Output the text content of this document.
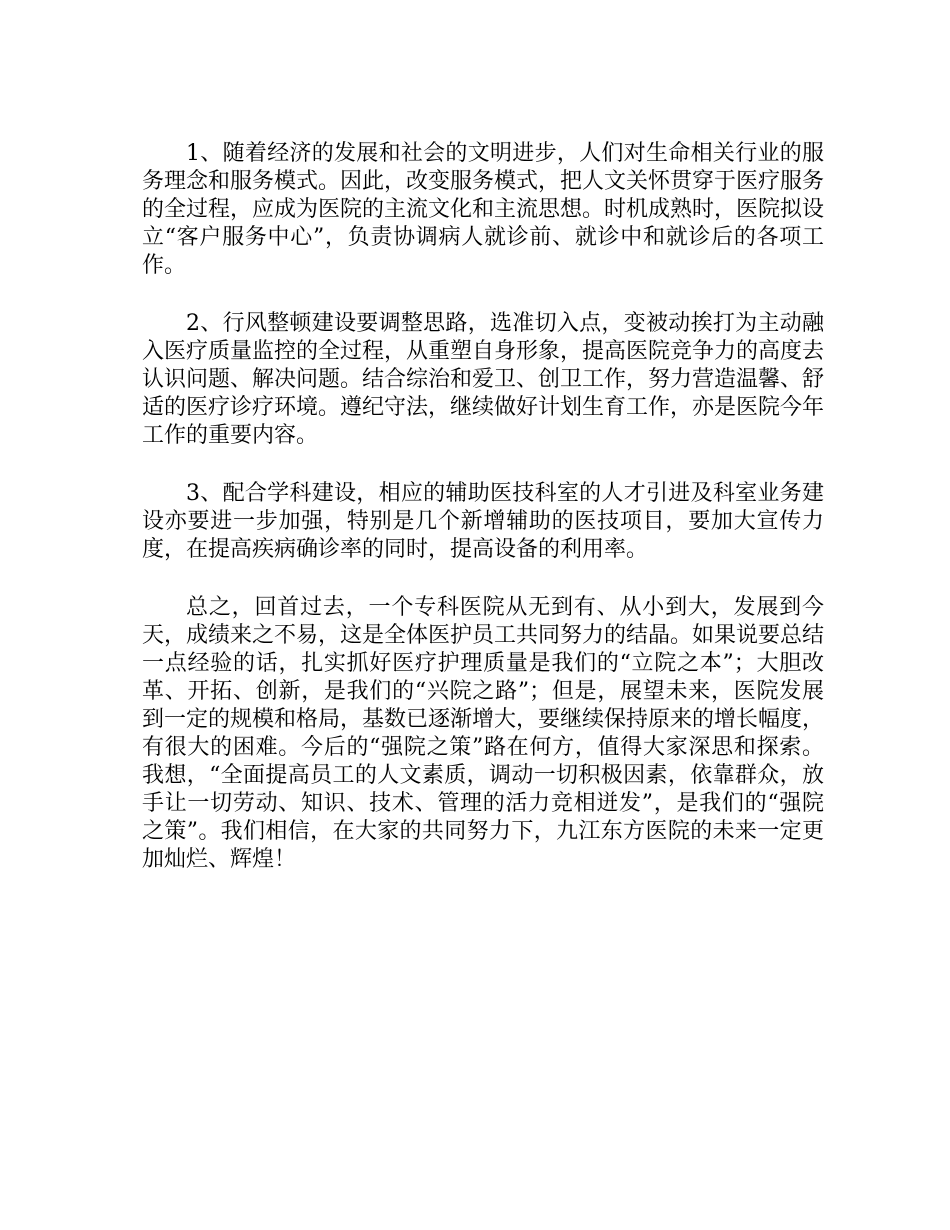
1、随着经济的发展和社会的文明进步，人们对生命相关行业的服务理念和服务模式。因此，改变服务模式，把人文关怀贯穿于医疗服务的全过程，应成为医院的主流文化和主流思想。时机成熟时，医院拟设立“客户服务中心”，负责协调病人就诊前、就诊中和就诊后的各项工作。

2、行风整顿建设要调整思路，选准切入点，变被动挨打为主动融入医疗质量监控的全过程，从重塑自身形象，提高医院竞争力的高度去认识问题、解决问题。结合综治和爱卫、创卫工作，努力营造温馨、舒适的医疗诊疗环境。遵纪守法，继续做好计划生育工作，亦是医院今年工作的重要内容。

3、配合学科建设，相应的辅助医技科室的人才引进及科室业务建设亦要进一步加强，特别是几个新增辅助的医技项目，要加大宣传力度，在提高疾病确诊率的同时，提高设备的利用率。

总之，回首过去，一个专科医院从无到有、从小到大，发展到今天，成绩来之不易，这是全体医护员工共同努力的结晶。如果说要总结一点经验的话，扎实抓好医疗护理质量是我们的“立院之本”；大胆改革、开拓、创新，是我们的“兴院之路”；但是，展望未来，医院发展到一定的规模和格局，基数已逐渐增大，要继续保持原来的增长幅度，有很大的困难。今后的“强院之策”路在何方，值得大家深思和探索。我想，“全面提高员工的人文素质，调动一切积极因素，依靠群众，放手让一切劳动、知识、技术、管理的活力竞相迸发”，是我们的“强院之策”。我们相信，在大家的共同努力下，九江东方医院的未来一定更加灿烂、辉煌！
